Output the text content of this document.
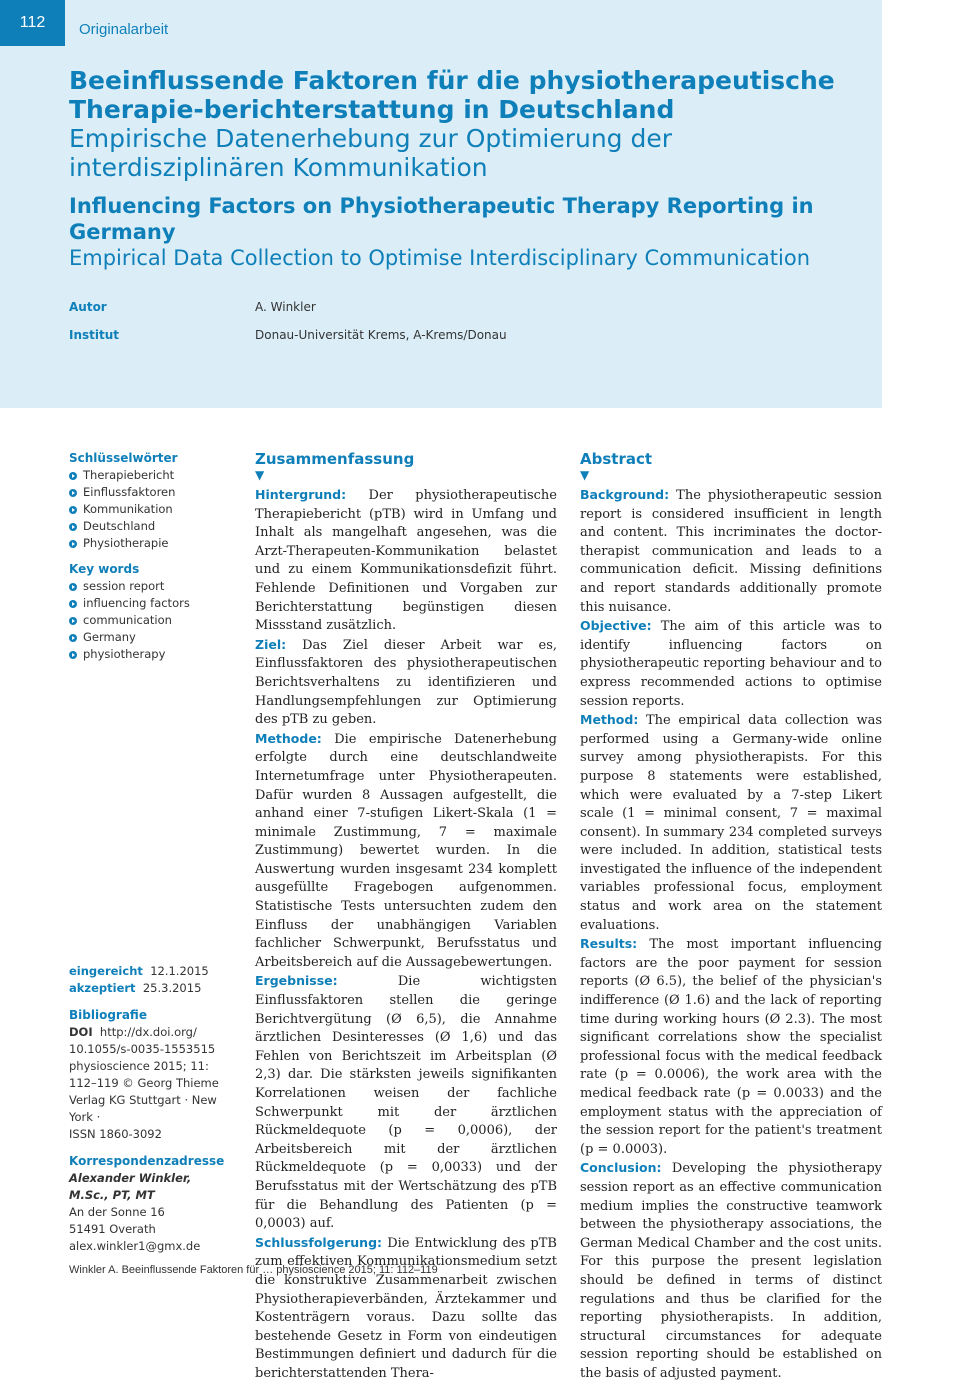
112	Originalarbeit
Beeinflussende Faktoren für die physiotherapeutische Therapie-berichterstattung in Deutschland
Empirische Datenerhebung zur Optimierung der interdisziplinären Kommunikation
Influencing Factors on Physiotherapeutic Therapy Reporting in Germany
Empirical Data Collection to Optimise Interdisciplinary Communication
Autor	A. Winkler
Institut	Donau-Universität Krems, A-Krems/Donau
Schlüsselwörter
Therapiebericht
Einflussfaktoren
Kommunikation
Deutschland
Physiotherapie
Key words
session report
influencing factors
communication
Germany
physiotherapy
eingereicht 12.1.2015
akzeptiert 25.3.2015
Bibliografie
DOI http://dx.doi.org/
10.1055/s-0035-1553515
physioscience 2015; 11:
112–119 © Georg Thieme
Verlag KG Stuttgart · New York ·
ISSN 1860-3092
Korrespondenzadresse
Alexander Winkler,
M.Sc., PT, MT
An der Sonne 16
51491 Overath
alex.winkler1@gmx.de
Zusammenfassung
▼

Hintergrund: Der physiotherapeutische Therapiebericht (pTB) wird in Umfang und Inhalt als mangelhaft angesehen, was die Arzt-Therapeuten-Kommunikation belastet und zu einem Kommunikationsdefizit führt. Fehlende Definitionen und Vorgaben zur Berichterstattung begünstigen diesen Missstand zusätzlich.
Ziel: Das Ziel dieser Arbeit war es, Einflussfaktoren des physiotherapeutischen Berichtsverhaltens zu identifizieren und Handlungsempfehlungen zur Optimierung des pTB zu geben.
Methode: Die empirische Datenerhebung erfolgte durch eine deutschlandweite Internetumfrage unter Physiotherapeuten. Dafür wurden 8 Aussagen aufgestellt, die anhand einer 7-stufigen Likert-Skala (1 = minimale Zustimmung, 7 = maximale Zustimmung) bewertet wurden. In die Auswertung wurden insgesamt 234 komplett ausgefüllte Fragebogen aufgenommen. Statistische Tests untersuchten zudem den Einfluss der unabhängigen Variablen fachlicher Schwerpunkt, Berufsstatus und Arbeitsbereich auf die Aussagebewertungen.
Ergebnisse:	Die wichtigsten Einflussfaktoren stellen die geringe Berichtvergütung (Ø 6,5), die Annahme ärztlichen Desinteresses (Ø 1,6) und das Fehlen von Berichtszeit im Arbeitsplan (Ø 2,3) dar. Die stärksten jeweils signifikanten Korrelationen weisen der fachliche Schwerpunkt mit der ärztlichen Rückmeldequote (p = 0,0006), der Arbeitsbereich mit der ärztlichen Rückmeldequote (p = 0,0033) und der Berufsstatus mit der Wertschätzung des pTB für die Behandlung des Patienten (p = 0,0003) auf.
Schlussfolgerung: Die Entwicklung des pTB zum effektiven Kommunikationsmedium setzt die konstruktive Zusammenarbeit zwischen Physiotherapieverbänden, Ärztekammer und Kostenträgern voraus. Dazu sollte das bestehende Gesetz in Form von eindeutigen Bestimmungen definiert und dadurch für die berichterstattenden Thera-

Abstract
▼

Background: The physiotherapeutic session report is considered insufficient in length and content. This incriminates the doctor-therapist communication and leads to a communication deficit. Missing definitions and report standards additionally promote this nuisance.
Objective: The aim of this article was to identify influencing factors on physiotherapeutic reporting behaviour and to express recommended actions to optimise session reports.
Method: The empirical data collection was performed using a Germany-wide online survey among physiotherapists. For this purpose 8 statements were established, which were evaluated by a 7-step Likert scale (1 = minimal consent, 7 = maximal consent). In summary 234 completed surveys were included. In addition, statistical tests investigated the influence of the independent variables professional focus, employment status and work area on the statement evaluations.
Results: The most important influencing factors are the poor payment for session reports (Ø 6.5), the belief of the physician's indifference (Ø 1.6) and the lack of reporting time during working hours (Ø 2.3). The most significant correlations show the specialist professional focus with the medical feedback rate (p = 0.0006), the work area with the medical feedback rate (p = 0.0033) and the employment status with the appreciation of the session report for the patient's treatment (p = 0.0003).
Conclusion: Developing the physiotherapy session report as an effective communication medium implies the constructive teamwork between the physiotherapy associations, the German Medical Chamber and the cost units. For this purpose the present legislation should be defined in terms of distinct regulations and thus be clarified for the reporting physiotherapists. In addition, structural circumstances for adequate session reporting should be established on the basis of adjusted payment.

Winkler A. Beeinflussende Faktoren für … physioscience 2015; 11: 112–119
